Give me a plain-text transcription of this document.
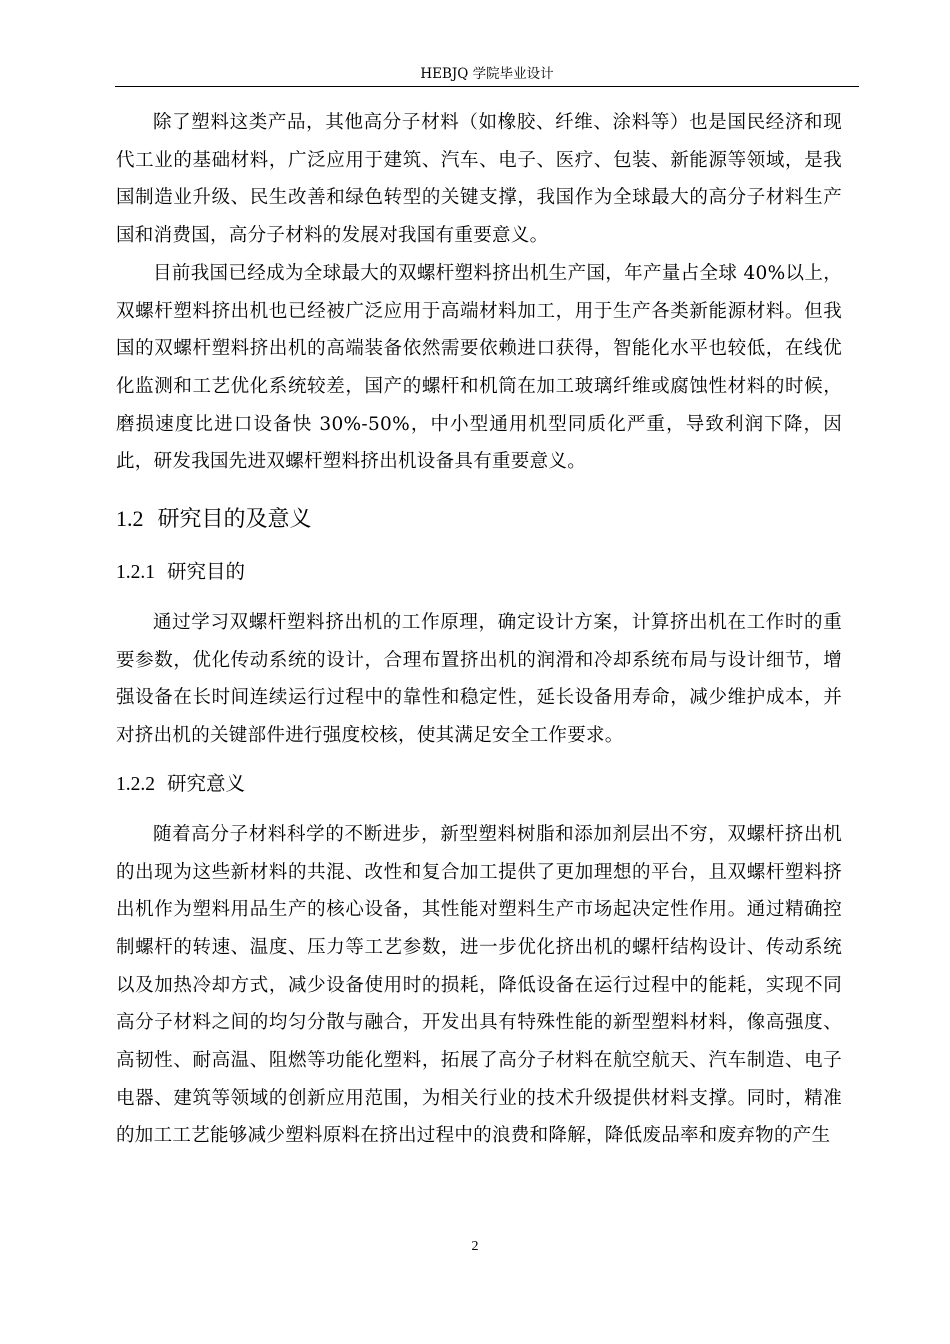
HEBJQ 学院毕业设计

除了塑料这类产品，其他高分子材料（如橡胶、纤维、涂料等）也是国民经济和现代工业的基础材料，广泛应用于建筑、汽车、电子、医疗、包装、新能源等领域，是我国制造业升级、民生改善和绿色转型的关键支撑，我国作为全球最大的高分子材料生产国和消费国，高分子材料的发展对我国有重要意义。

目前我国已经成为全球最大的双螺杆塑料挤出机生产国，年产量占全球 40%以上，双螺杆塑料挤出机也已经被广泛应用于高端材料加工，用于生产各类新能源材料。但我国的双螺杆塑料挤出机的高端装备依然需要依赖进口获得，智能化水平也较低，在线优化监测和工艺优化系统较差，国产的螺杆和机筒在加工玻璃纤维或腐蚀性材料的时候，磨损速度比进口设备快 30%-50%，中小型通用机型同质化严重，导致利润下降，因此，研发我国先进双螺杆塑料挤出机设备具有重要意义。

1.2 研究目的及意义
1.2.1 研究目的

通过学习双螺杆塑料挤出机的工作原理，确定设计方案，计算挤出机在工作时的重要参数，优化传动系统的设计，合理布置挤出机的润滑和冷却系统布局与设计细节，增强设备在长时间连续运行过程中的靠性和稳定性，延长设备用寿命，减少维护成本，并对挤出机的关键部件进行强度校核，使其满足安全工作要求。

1.2.2 研究意义

随着高分子材料科学的不断进步，新型塑料树脂和添加剂层出不穷，双螺杆挤出机的出现为这些新材料的共混、改性和复合加工提供了更加理想的平台，且双螺杆塑料挤出机作为塑料用品生产的核心设备，其性能对塑料生产市场起决定性作用。通过精确控制螺杆的转速、温度、压力等工艺参数，进一步优化挤出机的螺杆结构设计、传动系统以及加热冷却方式，减少设备使用时的损耗，降低设备在运行过程中的能耗，实现不同高分子材料之间的均匀分散与融合，开发出具有特殊性能的新型塑料材料，像高强度、高韧性、耐高温、阻燃等功能化塑料，拓展了高分子材料在航空航天、汽车制造、电子电器、建筑等领域的创新应用范围，为相关行业的技术升级提供材料支撑。同时，精准的加工工艺能够减少塑料原料在挤出过程中的浪费和降解，降低废品率和废弃物的产生

2
